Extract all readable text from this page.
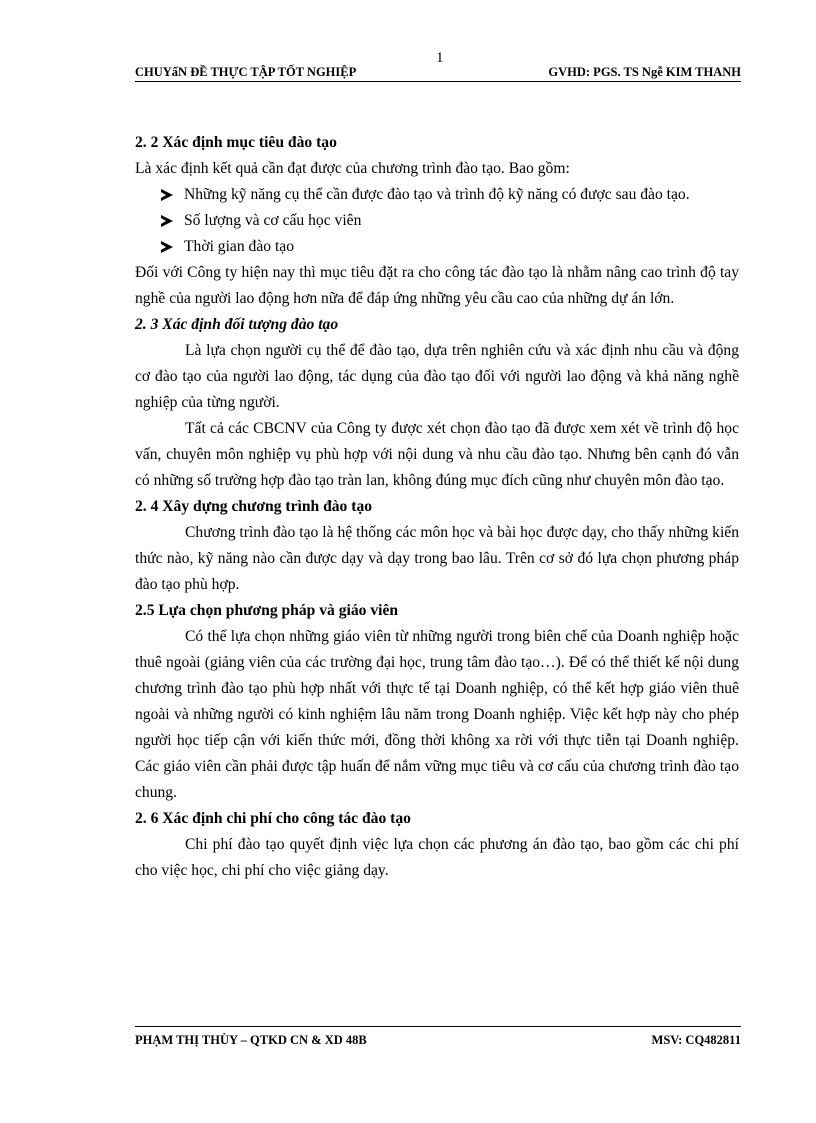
1
CHUYấN ĐỀ THỰC TẬP TỐT NGHIỆP	GVHD: PGS. TS Ngễ KIM THANH

2. 2 Xác định mục tiêu đào tạo

Là xác định kết quả cần đạt được của chương trình đào tạo. Bao gồm:

Những kỹ năng cụ thể cần được đào tạo và trình độ kỹ năng có được sau đào tạo.
Số lượng và cơ cấu học viên
Thời gian đào tạo

Đối với Công ty hiện nay thì mục tiêu đặt ra cho công tác đào tạo là nhằm nâng cao trình độ tay nghề của người lao động hơn nữa để đáp ứng những yêu cầu cao của những dự án lớn.

2. 3 Xác định đối tượng đào tạo

Là lựa chọn người cụ thể để đào tạo, dựa trên nghiên cứu và xác định nhu cầu và động cơ đào tạo của người lao động, tác dụng của đào tạo đối với người lao động và khả năng nghề nghiệp của từng người.

Tất cả các CBCNV của Công ty được xét chọn đào tạo đã được xem xét về trình độ học vấn, chuyên môn nghiệp vụ phù hợp với nội dung và nhu cầu đào tạo. Nhưng bên cạnh đó vẫn có những số trường hợp đào tạo tràn lan, không đúng mục đích cũng như chuyên môn đào tạo.

2. 4 Xây dựng chương trình đào tạo

Chương trình đào tạo là hệ thống các môn học và bài học được dạy, cho thấy những kiến thức nào, kỹ năng nào cần được dạy và dạy trong bao lâu. Trên cơ sở đó lựa chọn phương pháp đào tạo phù hợp.

2.5 Lựa chọn phương pháp và giáo viên

Có thể lựa chọn những giáo viên từ những người trong biên chế của Doanh nghiệp hoặc thuê ngoài (giảng viên của các trường đại học, trung tâm đào tạo…). Để có thể thiết kế nội dung chương trình đào tạo phù hợp nhất với thực tế tại Doanh nghiệp, có thể kết hợp giáo viên thuê ngoài và những người có kinh nghiệm lâu năm trong Doanh nghiệp. Việc kết hợp này cho phép người học tiếp cận với kiến thức mới, đồng thời không xa rời với thực tiễn tại Doanh nghiệp. Các giáo viên cần phải được tập huấn để nắm vững mục tiêu và cơ cấu của chương trình đào tạo chung.

2. 6 Xác định chi phí cho công tác đào tạo

Chi phí đào tạo quyết định việc lựa chọn các phương án đào tạo, bao gồm các chi phí cho việc học, chi phí cho việc giảng dạy.

PHẠM THỊ THÙY – QTKD CN & XD 48B	MSV: CQ482811
